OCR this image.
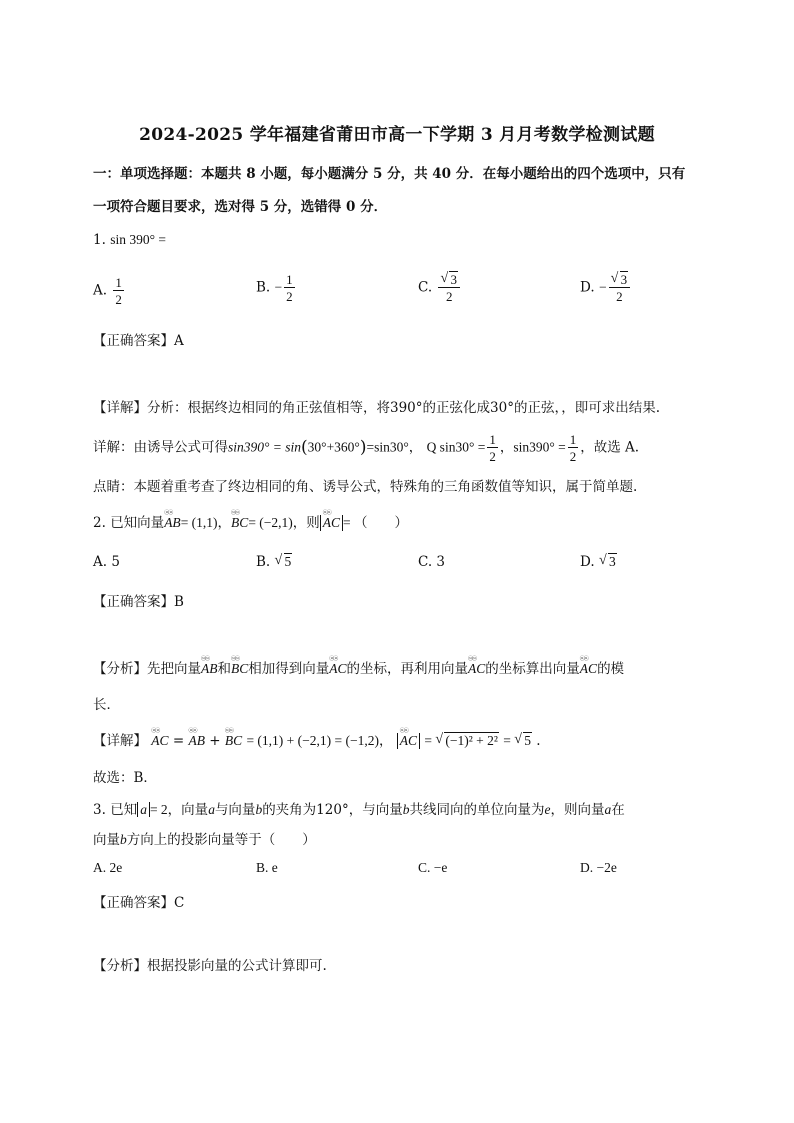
2024-2025 学年福建省莆田市高一下学期 3 月月考数学检测试题
一：单项选择题：本题共 8 小题，每小题满分 5 分，共 40 分．在每小题给出的四个选项中，只有
一项符合题目要求，选对得 5 分，选错得 0 分．
1. sin 390° =
A. $\frac{1}{2}$	B. − $\frac{1}{2}$	C. √ $\frac{3}{2}$	D. − √ $\frac{3}{2}$
【正确答案】A
【详解】分析：根据终边相同的角正弦值相等，将390°的正弦化成30°的正弦，，即可求出结果.
详解：由诱导公式可得sin390° = sin(30°+360°)=sin30°， Q $\sin 30^\circ = \frac{1}{2}$ ，$\sin 390^\circ = \frac{1}{2}$ ，故选 A.
点睛：本题着重考查了终边相同的角、诱导公式，特殊角的三角函数值等知识，属于简单题.
2. 已知向量ⓤⓤ AB= (1,1)，ⓤⓤ BC= (−2,1)，则 ⓤⓤ AC = （　　）
A. 5	B. √ 5	C. 3	D. √ 3
【正确答案】B
【分析】先把向量ⓤⓤ AB和ⓤⓤ BC相加得到向量ⓤⓤ AC的坐标，再利用向量ⓤⓤ AC的坐标算出向量ⓤⓤ AC的模
长．
【详解】 ⓤⓤ AC = ⓤⓤ AB + ⓤⓤ BC = (1,1) + (−2,1) = (−1,2)， ⓤⓤ AC = √ (−1)² + 2² = √ 5 .
故选：B．
3. 已知 a = 2，向量a与向量b的夹角为120°，与向量b共线同向的单位向量为e，则向量a在
向量b方向上的投影向量等于（　　）
A. 2e	B. e	C. −e	D. −2e
【正确答案】C
【分析】根据投影向量的公式计算即可.
